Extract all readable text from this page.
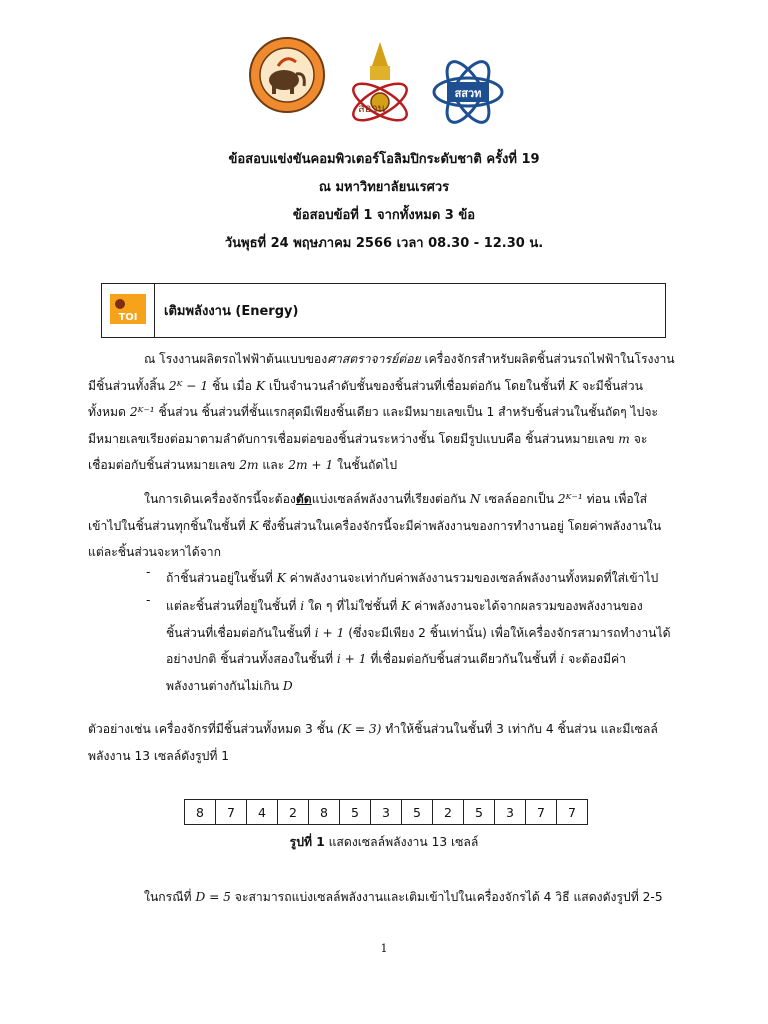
สอวน
สสวท
ข้อสอบแข่งขันคอมพิวเตอร์โอลิมปิกระดับชาติ ครั้งที่ 19
ณ มหาวิทยาลัยนเรศวร
ข้อสอบข้อที่ 1 จากทั้งหมด 3 ข้อ
วันพุธที่ 24 พฤษภาคม 2566 เวลา 08.30 - 12.30 น.
TOI เติมพลังงาน (Energy)
ณ โรงงานผลิตรถไฟฟ้าต้นแบบของศาสตราจารย์ต่อย เครื่องจักรสำหรับผลิตชิ้นส่วนรถไฟฟ้าในโรงงาน
มีชิ้นส่วนทั้งสิ้น 2ᴷ − 1 ชิ้น เมื่อ K เป็นจำนวนลำดับชั้นของชิ้นส่วนที่เชื่อมต่อกัน โดยในชั้นที่ K จะมีชิ้นส่วน
ทั้งหมด 2ᴷ⁻¹ ชิ้นส่วน ชิ้นส่วนที่ชั้นแรกสุดมีเพียงชิ้นเดียว และมีหมายเลขเป็น 1 สำหรับชิ้นส่วนในชั้นถัดๆ ไปจะ
มีหมายเลขเรียงต่อมาตามลำดับการเชื่อมต่อของชิ้นส่วนระหว่างชั้น โดยมีรูปแบบคือ ชิ้นส่วนหมายเลข m จะ
เชื่อมต่อกับชิ้นส่วนหมายเลข 2m และ 2m + 1 ในชั้นถัดไป
ในการเดินเครื่องจักรนี้จะต้องตัดแบ่งเซลล์พลังงานที่เรียงต่อกัน N เซลล์ออกเป็น 2ᴷ⁻¹ ท่อน เพื่อใส่
เข้าไปในชิ้นส่วนทุกชิ้นในชั้นที่ K ซึ่งชิ้นส่วนในเครื่องจักรนี้จะมีค่าพลังงานของการทำงานอยู่ โดยค่าพลังงานใน
แต่ละชิ้นส่วนจะหาได้จาก
- ถ้าชิ้นส่วนอยู่ในชั้นที่ K ค่าพลังงานจะเท่ากับค่าพลังงานรวมของเซลล์พลังงานทั้งหมดที่ใส่เข้าไป
- แต่ละชิ้นส่วนที่อยู่ในชั้นที่ i ใด ๆ ที่ไม่ใช่ชั้นที่ K ค่าพลังงานจะได้จากผลรวมของพลังงานของ
ชิ้นส่วนที่เชื่อมต่อกันในชั้นที่ i + 1 (ซึ่งจะมีเพียง 2 ชิ้นเท่านั้น) เพื่อให้เครื่องจักรสามารถทำงานได้
อย่างปกติ ชิ้นส่วนทั้งสองในชั้นที่ i + 1 ที่เชื่อมต่อกับชิ้นส่วนเดียวกันในชั้นที่ i จะต้องมีค่า
พลังงานต่างกันไม่เกิน D
ตัวอย่างเช่น เครื่องจักรที่มีชิ้นส่วนทั้งหมด 3 ชั้น (K = 3) ทำให้ชิ้นส่วนในชั้นที่ 3 เท่ากับ 4 ชิ้นส่วน และมีเซลล์
พลังงาน 13 เซลล์ดังรูปที่ 1
8	7	4	2	8	5	3	5	2	5	3	7	7
รูปที่ 1 แสดงเซลล์พลังงาน 13 เซลล์
ในกรณีที่ D = 5 จะสามารถแบ่งเซลล์พลังงานและเติมเข้าไปในเครื่องจักรได้ 4 วิธี แสดงดังรูปที่ 2-5
1
